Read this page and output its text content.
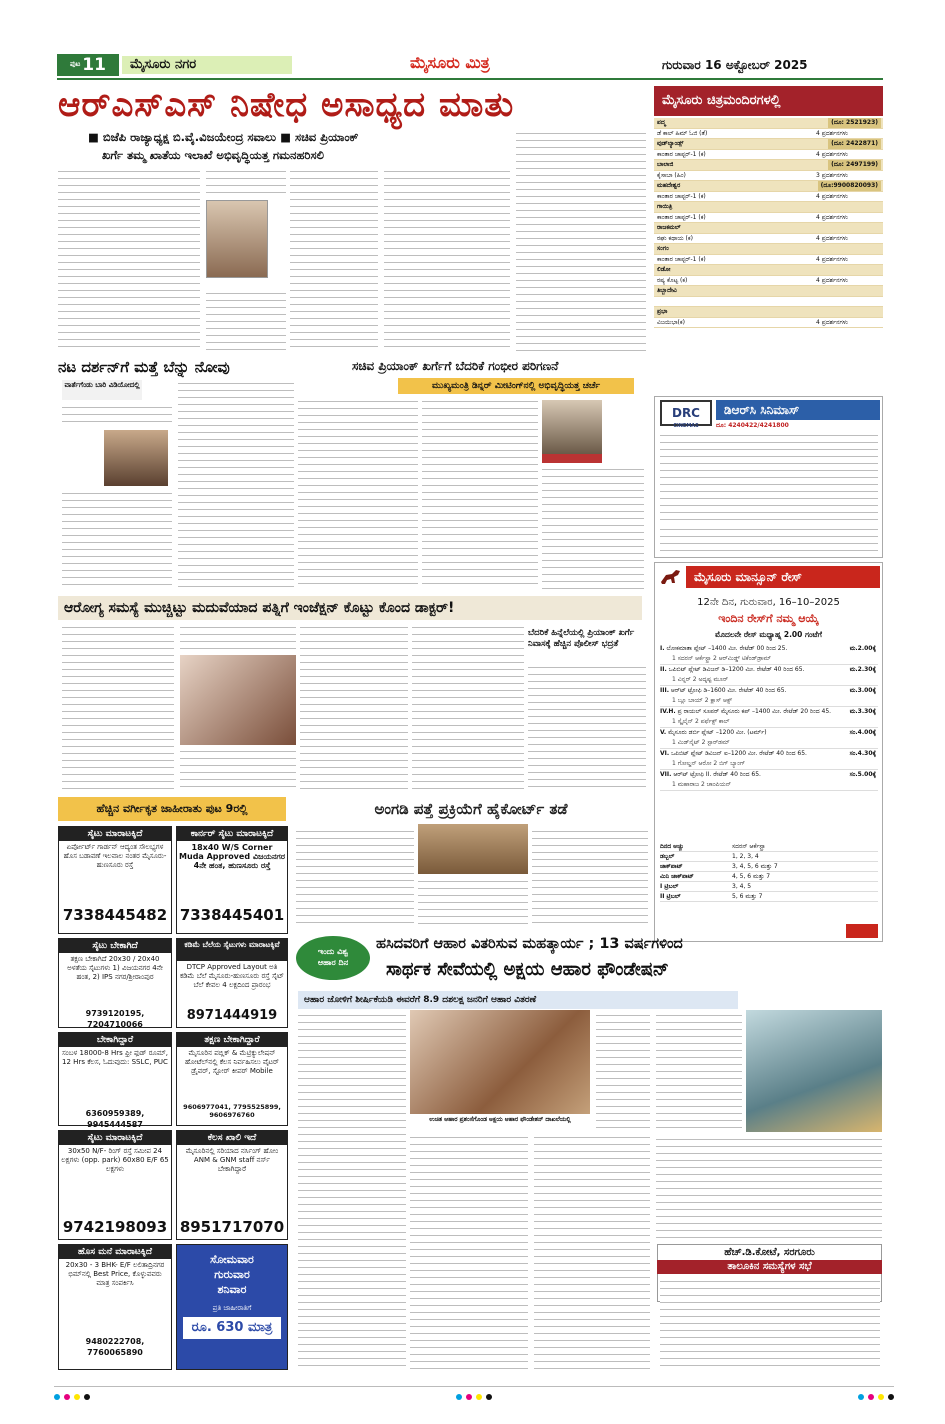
ಪುಟ 11	ಮೈಸೂರು ನಗರ	ಮೈಸೂರು ಮಿತ್ರ	ಗುರುವಾರ 16 ಅಕ್ಟೋಬರ್ 2025
ಆರ್‌ಎಸ್‌ಎಸ್ ನಿಷೇಧ ಅಸಾಧ್ಯದ ಮಾತು
■ ಬಿಜೆಪಿ ರಾಜ್ಯಾಧ್ಯಕ್ಷ ಬಿ.ವೈ.ವಿಜಯೇಂದ್ರ ಸವಾಲು ■ ಸಚಿವ ಪ್ರಿಯಾಂಕ್
ಖರ್ಗೆ ತಮ್ಮ ಖಾತೆಯ ಇಲಾಖೆ ಅಭಿವೃದ್ಧಿಯತ್ತ ಗಮನಹರಿಸಲಿ
ಮೈಸೂರು ಚಿತ್ರಮಂದಿರಗಳಲ್ಲಿ
ಪದ್ಮ	(ದೂ: 2521923)
ಡೆ ಕಾಲ್ ಹಿಮ್ ಓಜಿ (ತೆ)	4 ಪ್ರದರ್ಶನಗಳು
ವುಡ್‌ಲ್ಯಾಂಡ್ಸ್	(ದೂ: 2422871)
ಕಾಂತಾರ ಚಾಪ್ಟರ್-1 (ಕ)	4 ಪ್ರದರ್ಶನಗಳು
ಬಾಲಾಜಿ	(ದೂ: 2497199)
ಕೈಸಾಬಾ (ಹಿಂ)	3 ಪ್ರದರ್ಶನಗಳು
ಮಹದೇಶ್ವರ	(ದೂ:9900820093)
ಕಾಂತಾರ ಚಾಪ್ಟರ್-1 (ಕ)	4 ಪ್ರದರ್ಶನಗಳು
ಗಾಯಿತ್ರಿ
ಕಾಂತಾರ ಚಾಪ್ಟರ್-1 (ಕ)	4 ಪ್ರದರ್ಶನಗಳು
ರಾಜಕಮಲ್
ರಘು ಕಥಾಯ (ಕ)	4 ಪ್ರದರ್ಶನಗಳು
ಸಂಗಂ
ಕಾಂತಾರ ಚಾಪ್ಟರ್-1 (ಕ)	4 ಪ್ರದರ್ಶನಗಳು
ಲಿಡೋ
ರಷ್ಯ ಕೊಟ್ಟ (ಕ)	4 ಪ್ರದರ್ಶನಗಳು
ತಿಬ್ಬಾದೇವಿ
ಪ್ರಭಾ
ವಿಜಯಿಭಾ(ಕ)	4 ಪ್ರದರ್ಶನಗಳು
DRC
CINEMAS
ಡಿಆರ್‌ಸಿ ಸಿನಿಮಾಸ್
ದೂ: 4240422/4241800
ಮೈಸೂರು ಮಾನ್ಸೂನ್ ರೇಸ್
12ನೇ ದಿನ, ಗುರುವಾರ, 16–10–2025
ಇಂದಿನ ರೇಸ್‌ಗೆ ನಮ್ಮ ಆಯ್ಕೆ
ಮೊದಲನೇ ರೇಸ್ ಮಧ್ಯಾಹ್ನ 2.00 ಗಂಟೆಗೆ
I. ಲೋಕಮಾತಾ ಪ್ಲೇಟ್ –1400 ಮೀ. ರೇಟೆಡ್ 00 ರಿಂದ 25.	ಮ.2.00ಕ್ಕೆ
1 ಸದರನ್ ಆರ್ಕೆಸ್ಟ್ರಾ 2 ಆರ್‌ಮಿಡ್ಡ್ ಟಿಕೆಂಡ್‌ಡ್ರಾಮ್
II. ಒಪಿಬಿಟ್ ಪ್ಲೇಟ್ ಡಿವಿಜನ್ ಡಿ–1200 ಮೀ. ರೇಟೆಡ್ 40 ರಿಂದ 65.	ಮ.2.30ಕ್ಕೆ
1 ವಿನ್ನರ್ 2 ಅದೃಷ್ಟ ಮೂರ್
III. ಆರ್‌ಟ್‌ ಟ್ರೋಫಿ ಡಿ–1600 ಮೀ. ರೇಟೆಡ್ 40 ರಿಂದ 65.	ಮ.3.00ಕ್ಕೆ
1 ಬ್ಲೂ ಬಾಯ್ 2 ಕ್ಲಾಸ್ ಆಕ್ಟ್
IV.H. ಪ್ರ ರಾಯಲ್ ಸೂಪರ್ ಮೈಸೂರು ಕಪ್ –1400 ಮೀ. ರೇಟೆಡ್ 20 ರಿಂದ 45.	ಮ.3.30ಕ್ಕೆ
1 ಸ್ಕೈಲೈನ್ 2 ಪರ್ಫೆಕ್ಟ್ ಕಾಲ್
V. ಮೈಸೂರು ಡರ್ಬಿ ಪ್ಲೇಟ್ –1200 ಮೀ. (ಟರ್ಮ್)	ಸಂ.4.00ಕ್ಕೆ
1 ಮಿಡ್‌ನೈಟ್ 2 ಸ್ಟಾರ್‌ಡಮ್
VI. ಒಪಿಬಿಟ್ ಪ್ಲೇಟ್ ಡಿವಿಜನ್ ಐ–1200 ಮೀ. ರೇಟೆಡ್ 40 ರಿಂದ 65.	ಸಂ.4.30ಕ್ಕೆ
1 ಗೋಲ್ಡನ್ ಆರೋ 2 ಬಿಗ್ ಬ್ಯಾಂಗ್
VII. ಆರ್‌ಟ್‌ ಟ್ರೋಫಿ II. ರೇಟೆಡ್ 40 ರಿಂದ 65.	ಸಂ.5.00ಕ್ಕೆ
1 ಮಹಾರಾಜ 2 ಚಾಂಪಿಯನ್
ದಿನದ ಅಚ್ಚು	ಸದರನ್ ಆರ್ಕೆಸ್ಟ್ರಾ
ಡಬ್ಬಲ್	1, 2, 3, 4
ಜಾಕ್‌ಪಾಟ್	3, 4, 5, 6 ಮತ್ತು 7
ಮಿನಿ ಜಾಕ್‌ಪಾಟ್	4, 5, 6 ಮತ್ತು 7
I ಟ್ರಿಬಲ್	3, 4, 5
II ಟ್ರಿಬಲ್	5, 6 ಮತ್ತು 7
ನಟ ದರ್ಶನ್‌ಗೆ ಮತ್ತೆ ಬೆನ್ನು ನೋವು
ವಾರ್ತೆಗೆಂಡು ಬಾರಿ ವಿಡಿಯೋದಲ್ಲಿ
ಸಚಿವ ಪ್ರಿಯಾಂಕ್ ಖರ್ಗೆಗೆ ಬೆದರಿಕೆ ಗಂಭೀರ ಪರಿಗಣನೆ
ಮುಖ್ಯಮಂತ್ರಿ ಡಿನ್ನರ್ ಮೀಟಿಂಗ್‌ನಲ್ಲಿ ಅಭಿವೃದ್ಧಿಯತ್ತ ಚರ್ಚೆ
ಆರೋಗ್ಯ ಸಮಸ್ಯೆ ಮುಚ್ಚಿಟ್ಟು ಮದುವೆಯಾದ ಪತ್ನಿಗೆ ಇಂಜೆಕ್ಷನ್ ಕೊಟ್ಟು ಕೊಂದ ಡಾಕ್ಟರ್!
ಬೆದರಿಕೆ ಹಿನ್ನೆಲೆಯಲ್ಲಿ ಪ್ರಿಯಾಂಕ್ ಖರ್ಗೆ ನಿವಾಸಕ್ಕೆ ಹೆಚ್ಚಿನ ಪೊಲೀಸ್ ಭದ್ರತೆ
ಹೆಚ್ಚಿನ ವರ್ಗೀಕೃತ ಜಾಹೀರಾತು ಪುಟ 9ರಲ್ಲಿ	ಅಂಗಡಿ ಪತ್ತೆ ಪ್ರಕ್ರಿಯೆಗೆ ಹೈಕೋರ್ಟ್ ತಡೆ
ಸೈಟು ಮಾರಾಟಕ್ಕಿದೆ
ಏರ್ಪೋರ್ಟ್ ಗಾರ್ಡನ್ ಆದ್ಯಂತ ಸೌಲಭ್ಯಗಳ ಹೊಸ ಬಡಾವಣೆ ಇಲವಾಲ ನಂತರ ಮೈಸೂರು-ಹುಣಸೂರು ರಸ್ತೆ
7338445482
ಕಾರ್ನರ್ ಸೈಟು ಮಾರಾಟಕ್ಕಿದೆ
18x40 W/S Corner Muda Approved ವಿಜಯನಗರ 4ನೇ ಹಂತ, ಹುಣಸೂರು ರಸ್ತೆ
7338445401
ಸೈಟು ಬೇಕಾಗಿದೆ
ತಕ್ಷಣ ಬೇಕಾಗಿದೆ 20x30 / 20x40 ಅಳತೆಯ ಸೈಟುಗಳು 1) ವಿಜಯನಗರ 4ನೇ ಹಂತ, 2) IPS ನಗರ/ಶ್ರೀರಾಂಪುರ
9739120195, 7204710066
ಕಡಿಮೆ ಬೆಲೆಯ ಸೈಟುಗಳು ಮಾರಾಟಕ್ಕಿವೆ
DTCP Approved Layout ಅತಿ ಕಡಿಮೆ ಬೆಲೆ ಮೈಸೂರು-ಹುಣಸೂರು ರಸ್ತೆ ಸೈಟ್ ಬೆಲೆ ಕೇವಲ 4 ಲಕ್ಷದಿಂದ ಪ್ರಾರಂಭ
8971444919
ಬೇಕಾಗಿದ್ದಾರೆ
ಸಂಬಳ 18000-8 Hrs ಫ್ರೀ ಫುಡ್ ರೂಮ್, 12 Hrs ಕೆಲಸ, ಓದುವುದು: SSLC, PUC
6360959389, 9945444587
ತಕ್ಷಣ ಬೇಕಾಗಿದ್ದಾರೆ
ಮೈಸೂರಿನ ಪಬ್ಲಿಕ್ & ಮೆಟ್ರಿಕ್ಯುಲೇಷನ್ ಹೋಟೆಲ್‌ನಲ್ಲಿ ಕೆಲಸ ನಿರ್ವಹಿಸಲು ವೈಟರ್ ಡ್ರೈವರ್, ಸ್ಟೋರ್ ಕೀಪರ್ Mobile
9606977041, 7795525899, 9606976760
ಸೈಟು ಮಾರಾಟಕ್ಕಿದೆ
30x50 N/F- ರಿಂಗ್ ರಸ್ತೆ ಸಮೀಪ 24 ಲಕ್ಷಗಳು (opp. park) 60x80 E/F 65 ಲಕ್ಷಗಳು
9742198093
ಕೆಲಸ ಖಾಲಿ ಇದೆ
ಮೈಸೂರಿನಲ್ಲಿ ಸರಿಯಾದ ನರ್ಸಿಂಗ್ ಹೋಂ ANM & GNM staff ನರ್ಸ್ ಬೇಕಾಗಿದ್ದಾರೆ
8951717070
ಹೊಸ ಮನೆ ಮಾರಾಟಕ್ಕಿದೆ
20x30 - 3 BHK- E/F ಲಲಿತಾದ್ರಿನಗರ ಭಿಮ್‌ನಲ್ಲಿ Best Price, ಕೊಳ್ಳುವವರು ಮಾತ್ರ ಸಂಪರ್ಕಿಸಿ
9480222708, 7760065890
ಸೋಮವಾರ
ಗುರುವಾರ
ಶನಿವಾರ
ಪ್ರತಿ ಜಾಹೀರಾತಿಗೆ
ರೂ. 630 ಮಾತ್ರ
ಇಂದು ವಿಶ್ವ
ಆಹಾರ ದಿನ
ಹಸಿದವರಿಗೆ ಆಹಾರ ವಿತರಿಸುವ ಮಹತ್ಕಾರ್ಯ ; 13 ವರ್ಷಗಳಿಂದ
ಸಾರ್ಥಕ ಸೇವೆಯಲ್ಲಿ ಅಕ್ಷಯ ಆಹಾರ ಫೌಂಡೇಷನ್
ಆಹಾರ ಜೋಳಿಗೆ ಶೀರ್ಷಿಕೆಯಡಿ ಈವರೆಗೆ 8.9 ದಶಲಕ್ಷ ಜನರಿಗೆ ಆಹಾರ ವಿತರಣೆ
ಉಚಿತ ಆಹಾರ ಪ್ರಶಂಸೆಗೊಂಡ ಅಕ್ಷಯ ಆಹಾರ ಫೌಂಡೇಶನ್ ದಾಖಲೆಯಲ್ಲಿ
ಹೆಚ್.ಡಿ.ಕೋಟೆ, ಸರಗೂರು
ತಾಲೂಕಿನ ಸಮಸ್ಯೆಗಳ ಸಭೆ
